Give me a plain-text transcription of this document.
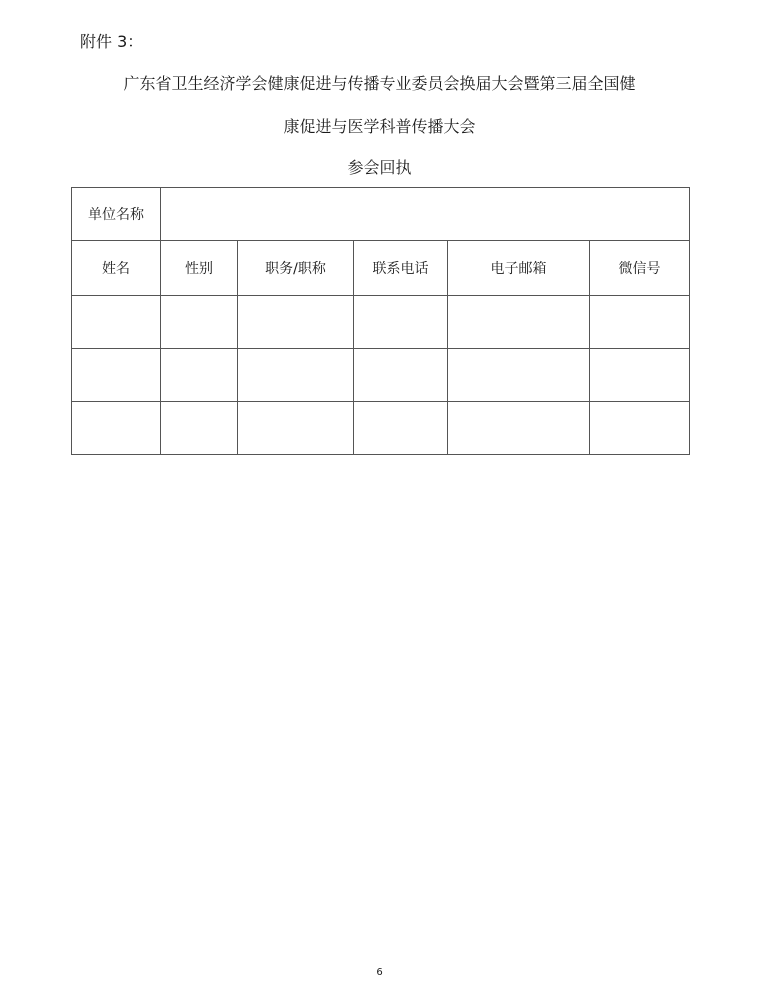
附件 3：
广东省卫生经济学会健康促进与传播专业委员会换届大会暨第三届全国健
康促进与医学科普传播大会
参会回执
单位名称					
姓名	性别	职务/职称	联系电话	电子邮箱	微信号

6
